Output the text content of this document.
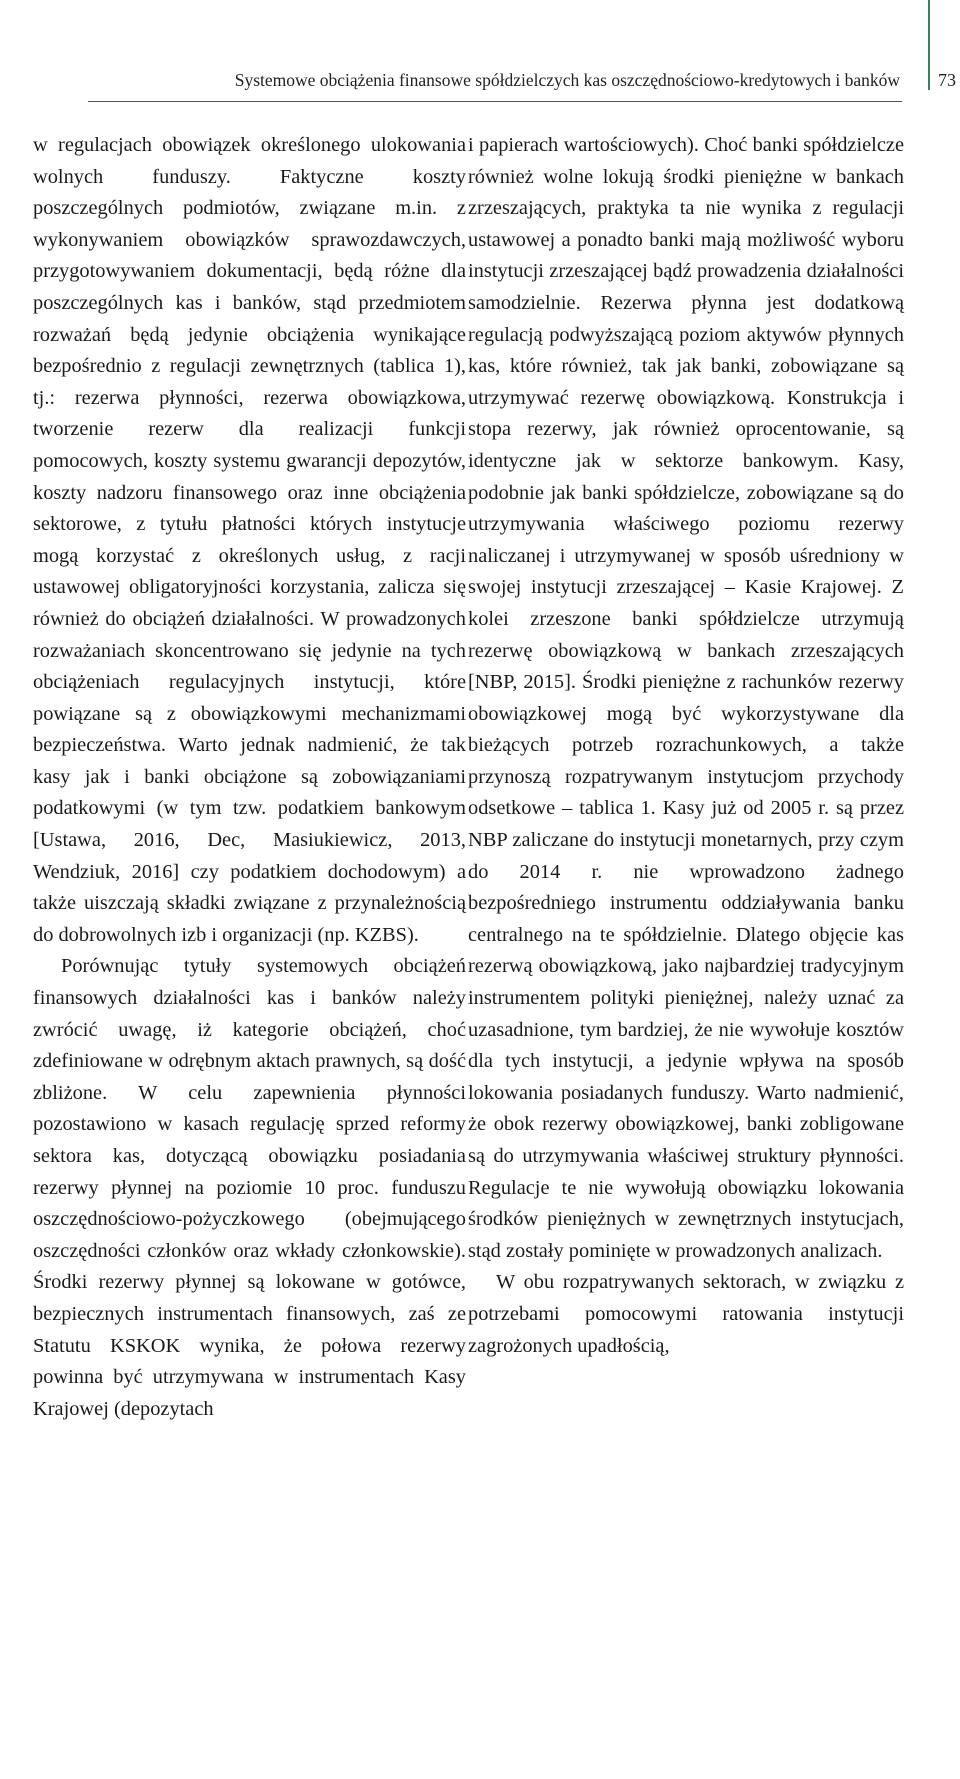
Systemowe obciążenia finansowe spółdzielczych kas oszczędnościowo-kredytowych i banków 73

w regulacjach obowiązek określonego ulokowania wolnych funduszy. Faktyczne koszty poszczególnych podmiotów, związane m.in. z wykonywaniem obowiązków sprawozdawczych, przygotowywaniem dokumentacji, będą różne dla poszczególnych kas i banków, stąd przedmiotem rozważań będą jedynie obciążenia wynikające bezpośrednio z regulacji zewnętrznych (tablica 1), tj.: rezerwa płynności, rezerwa obowiązkowa, tworzenie rezerw dla realizacji funkcji pomocowych, koszty systemu gwarancji depozytów, koszty nadzoru finansowego oraz inne obciążenia sektorowe, z tytułu płatności których instytucje mogą korzystać z określonych usług, z racji ustawowej obligatoryjności korzystania, zalicza się również do obciążeń działalności. W prowadzonych rozważaniach skoncentrowano się jedynie na tych obciążeniach regulacyjnych instytucji, które powiązane są z obowiązkowymi mechanizmami bezpieczeństwa. Warto jednak nadmienić, że tak kasy jak i banki obciążone są zobowiązaniami podatkowymi (w tym tzw. podatkiem bankowym [Ustawa, 2016, Dec, Masiukiewicz, 2013, Wendziuk, 2016] czy podatkiem dochodowym) a także uiszczają składki związane z przynależnością do dobrowolnych izb i organizacji (np. KZBS).

Porównując tytuły systemowych obciążeń finansowych działalności kas i banków należy zwrócić uwagę, iż kategorie obciążeń, choć zdefiniowane w odrębnym aktach prawnych, są dość zbliżone. W celu zapewnienia płynności pozostawiono w kasach regulację sprzed reformy sektora kas, dotyczącą obowiązku posiadania rezerwy płynnej na poziomie 10 proc. funduszu oszczędnościowo-pożyczkowego (obejmującego oszczędności członków oraz wkłady członkowskie). Środki rezerwy płynnej są lokowane w gotówce, bezpiecznych instrumentach finansowych, zaś ze Statutu KSKOK wynika, że połowa rezerwy powinna być utrzymywana w instrumentach Kasy Krajowej (depozytach

i papierach wartościowych). Choć banki spółdzielcze również wolne lokują środki pieniężne w bankach zrzeszających, praktyka ta nie wynika z regulacji ustawowej a ponadto banki mają możliwość wyboru instytucji zrzeszającej bądź prowadzenia działalności samodzielnie. Rezerwa płynna jest dodatkową regulacją podwyższającą poziom aktywów płynnych kas, które również, tak jak banki, zobowiązane są utrzymywać rezerwę obowiązkową. Konstrukcja i stopa rezerwy, jak również oprocentowanie, są identyczne jak w sektorze bankowym. Kasy, podobnie jak banki spółdzielcze, zobowiązane są do utrzymywania właściwego poziomu rezerwy naliczanej i utrzymywanej w sposób uśredniony w swojej instytucji zrzeszającej – Kasie Krajowej. Z kolei zrzeszone banki spółdzielcze utrzymują rezerwę obowiązkową w bankach zrzeszających [NBP, 2015]. Środki pieniężne z rachunków rezerwy obowiązkowej mogą być wykorzystywane dla bieżących potrzeb rozrachunkowych, a także przynoszą rozpatrywanym instytucjom przychody odsetkowe – tablica 1. Kasy już od 2005 r. są przez NBP zaliczane do instytucji monetarnych, przy czym do 2014 r. nie wprowadzono żadnego bezpośredniego instrumentu oddziaływania banku centralnego na te spółdzielnie. Dlatego objęcie kas rezerwą obowiązkową, jako najbardziej tradycyjnym instrumentem polityki pieniężnej, należy uznać za uzasadnione, tym bardziej, że nie wywołuje kosztów dla tych instytucji, a jedynie wpływa na sposób lokowania posiadanych funduszy. Warto nadmienić, że obok rezerwy obowiązkowej, banki zobligowane są do utrzymywania właściwej struktury płynności. Regulacje te nie wywołują obowiązku lokowania środków pieniężnych w zewnętrznych instytucjach, stąd zostały pominięte w prowadzonych analizach.

W obu rozpatrywanych sektorach, w związku z potrzebami pomocowymi ratowania instytucji zagrożonych upadłością,
